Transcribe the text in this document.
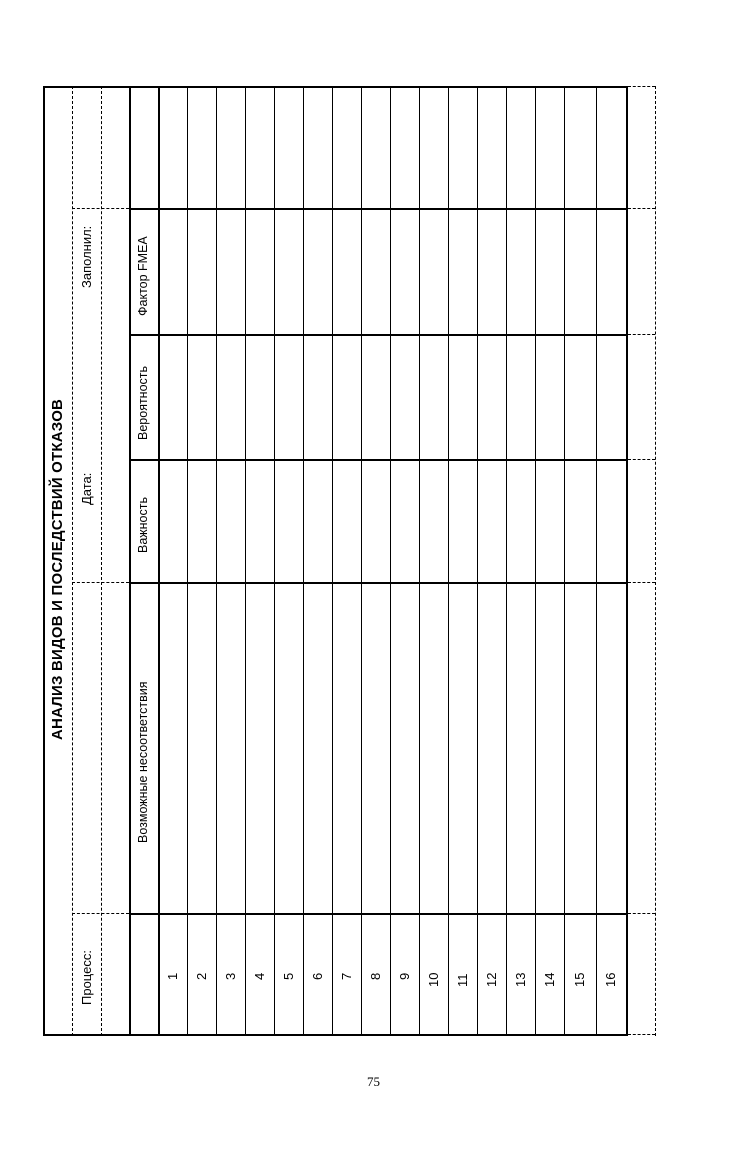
АНАЛИЗ ВИДОВ И ПОСЛЕДСТВИЙ ОТКАЗОВ
Процесс:
Дата:
Заполнил:
Возможные несоответствия
Важность
Вероятность
Фактор FMEA
1 2 3 4 5 6 7 8 9 10 11 12 13 14 15 16
75
